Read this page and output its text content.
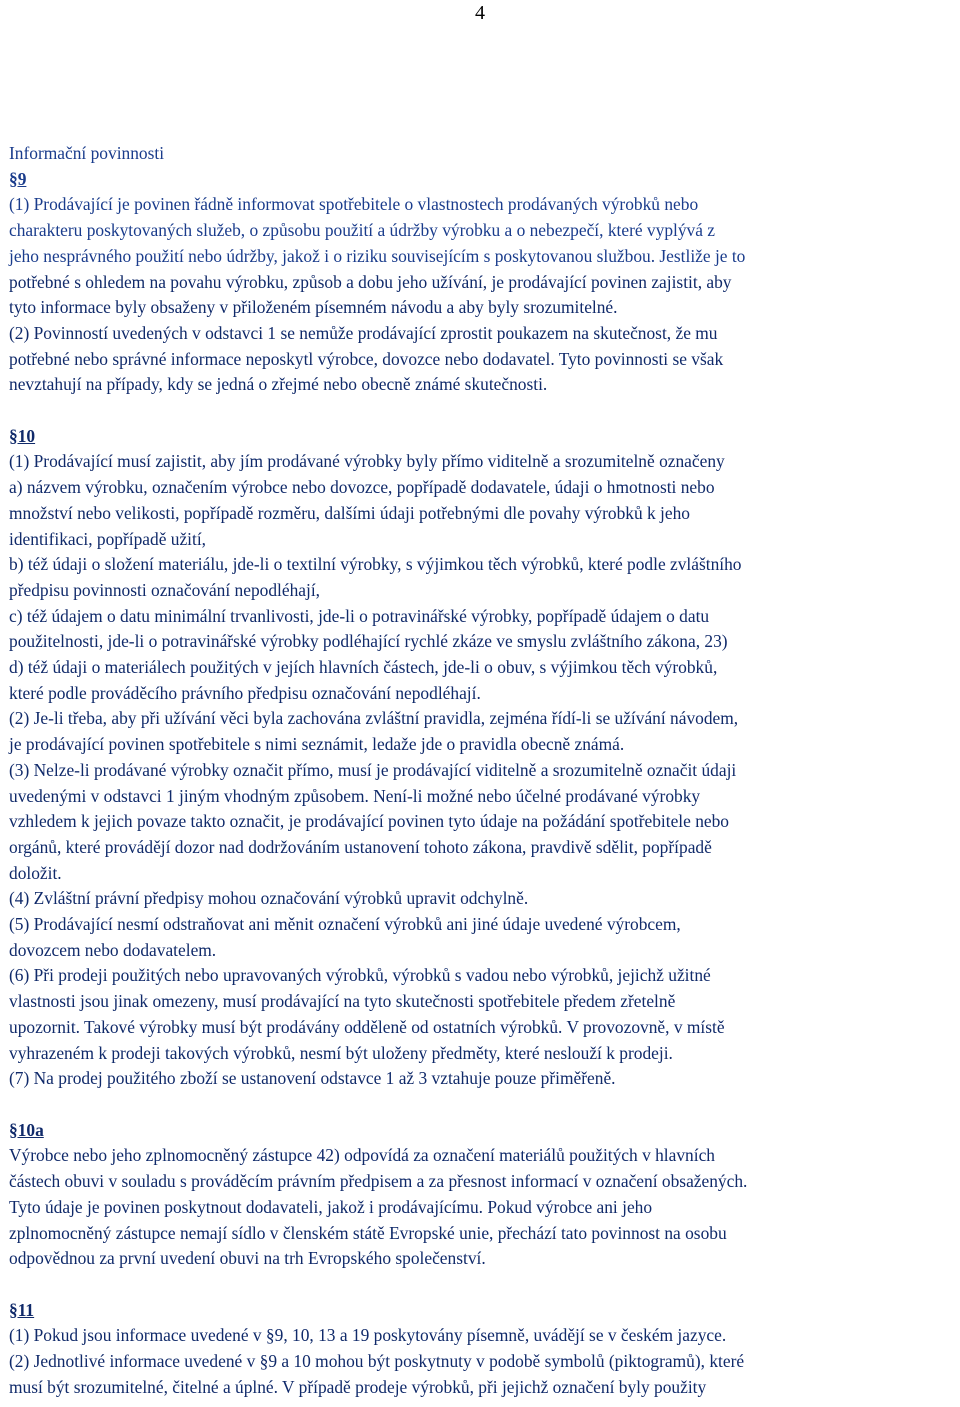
4
Informační povinnosti
§9
(1) Prodávající je povinen řádně informovat spotřebitele o vlastnostech prodávaných výrobků nebo
charakteru poskytovaných služeb, o způsobu použití a údržby výrobku a o nebezpečí, které vyplývá z
jeho nesprávného použití nebo údržby, jakož i o riziku souvisejícím s poskytovanou službou. Jestliže je to
potřebné s ohledem na povahu výrobku, způsob a dobu jeho užívání, je prodávající povinen zajistit, aby
tyto informace byly obsaženy v přiloženém písemném návodu a aby byly srozumitelné.
(2) Povinností uvedených v odstavci 1 se nemůže prodávající zprostit poukazem na skutečnost, že mu
potřebné nebo správné informace neposkytl výrobce, dovozce nebo dodavatel. Tyto povinnosti se však
nevztahují na případy, kdy se jedná o zřejmé nebo obecně známé skutečnosti.
§10
(1) Prodávající musí zajistit, aby jím prodávané výrobky byly přímo viditelně a srozumitelně označeny
a) názvem výrobku, označením výrobce nebo dovozce, popřípadě dodavatele, údaji o hmotnosti nebo
množství nebo velikosti, popřípadě rozměru, dalšími údaji potřebnými dle povahy výrobků k jeho
identifikaci, popřípadě užití,
b) též údaji o složení materiálu, jde-li o textilní výrobky, s výjimkou těch výrobků, které podle zvláštního
předpisu povinnosti označování nepodléhají,
c) též údajem o datu minimální trvanlivosti, jde-li o potravinářské výrobky, popřípadě údajem o datu
použitelnosti, jde-li o potravinářské výrobky podléhající rychlé zkáze ve smyslu zvláštního zákona, 23)
d) též údaji o materiálech použitých v jejích hlavních částech, jde-li o obuv, s výjimkou těch výrobků,
které podle prováděcího právního předpisu označování nepodléhají.
(2) Je-li třeba, aby při užívání věci byla zachována zvláštní pravidla, zejména řídí-li se užívání návodem,
je prodávající povinen spotřebitele s nimi seznámit, ledaže jde o pravidla obecně známá.
(3) Nelze-li prodávané výrobky označit přímo, musí je prodávající viditelně a srozumitelně označit údaji
uvedenými v odstavci 1 jiným vhodným způsobem. Není-li možné nebo účelné prodávané výrobky
vzhledem k jejich povaze takto označit, je prodávající povinen tyto údaje na požádání spotřebitele nebo
orgánů, které provádějí dozor nad dodržováním ustanovení tohoto zákona, pravdivě sdělit, popřípadě
doložit.
(4) Zvláštní právní předpisy mohou označování výrobků upravit odchylně.
(5) Prodávající nesmí odstraňovat ani měnit označení výrobků ani jiné údaje uvedené výrobcem,
dovozcem nebo dodavatelem.
(6) Při prodeji použitých nebo upravovaných výrobků, výrobků s vadou nebo výrobků, jejichž užitné
vlastnosti jsou jinak omezeny, musí prodávající na tyto skutečnosti spotřebitele předem zřetelně
upozornit. Takové výrobky musí být prodávány odděleně od ostatních výrobků. V provozovně, v místě
vyhrazeném k prodeji takových výrobků, nesmí být uloženy předměty, které neslouží k prodeji.
(7) Na prodej použitého zboží se ustanovení odstavce 1 až 3 vztahuje pouze přiměřeně.
§10a
Výrobce nebo jeho zplnomocněný zástupce 42) odpovídá za označení materiálů použitých v hlavních
částech obuvi v souladu s prováděcím právním předpisem a za přesnost informací v označení obsažených.
Tyto údaje je povinen poskytnout dodavateli, jakož i prodávajícímu. Pokud výrobce ani jeho
zplnomocněný zástupce nemají sídlo v členském státě Evropské unie, přechází tato povinnost na osobu
odpovědnou za první uvedení obuvi na trh Evropského společenství.
§11
(1) Pokud jsou informace uvedené v §9, 10, 13 a 19 poskytovány písemně, uvádějí se v českém jazyce.
(2) Jednotlivé informace uvedené v §9 a 10 mohou být poskytnuty v podobě symbolů (piktogramů), které
musí být srozumitelné, čitelné a úplné. V případě prodeje výrobků, při jejichž označení byly použity
